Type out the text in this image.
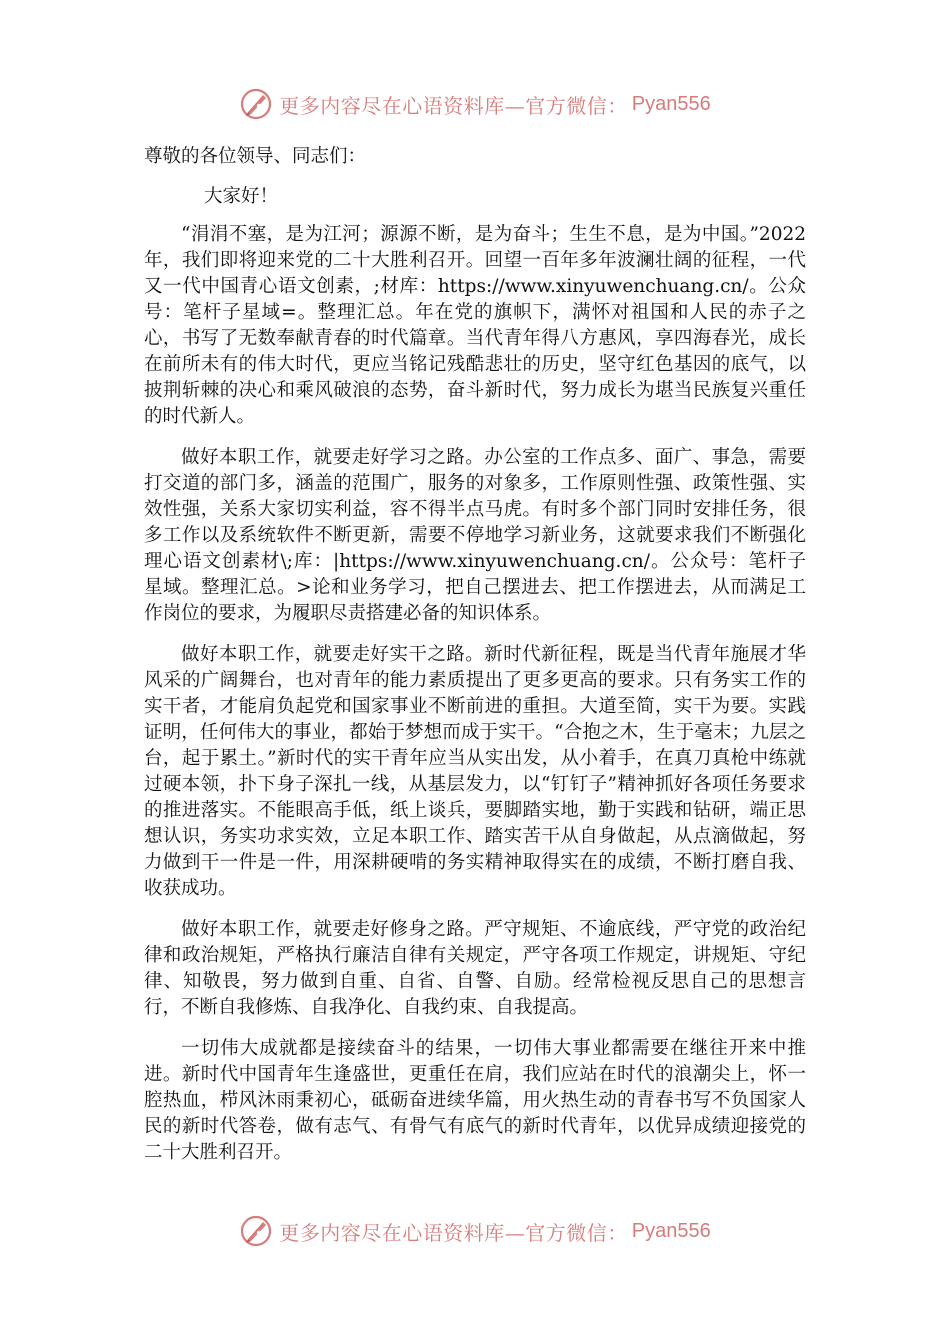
更多内容尽在心语资料库—官方微信： Pyan556

尊敬的各位领导、同志们：

大家好！

“涓涓不塞，是为江河；源源不断，是为奋斗；生生不息，是为中国。”2022年，我们即将迎来党的二十大胜利召开。回望一百年多年波澜壮阔的征程，一代又一代中国青心语文创素，;材库：https://www.xinyuwenchuang.cn/。公众号：笔杆子星域=。整理汇总。年在党的旗帜下，满怀对祖国和人民的赤子之心，书写了无数奉献青春的时代篇章。当代青年得八方惠风，享四海春光，成长在前所未有的伟大时代，更应当铭记残酷悲壮的历史，坚守红色基因的底气，以披荆斩棘的决心和乘风破浪的态势，奋斗新时代，努力成长为堪当民族复兴重任的时代新人。

做好本职工作，就要走好学习之路。办公室的工作点多、面广、事急，需要打交道的部门多，涵盖的范围广，服务的对象多，工作原则性强、政策性强、实效性强，关系大家切实利益，容不得半点马虎。有时多个部门同时安排任务，很多工作以及系统软件不断更新，需要不停地学习新业务，这就要求我们不断强化理心语文创素材\;库：|https://www.xinyuwenchuang.cn/。公众号：笔杆子星域。整理汇总。>论和业务学习，把自己摆进去、把工作摆进去，从而满足工作岗位的要求，为履职尽责搭建必备的知识体系。

做好本职工作，就要走好实干之路。新时代新征程，既是当代青年施展才华风采的广阔舞台，也对青年的能力素质提出了更多更高的要求。只有务实工作的实干者，才能肩负起党和国家事业不断前进的重担。大道至简，实干为要。实践证明，任何伟大的事业，都始于梦想而成于实干。“合抱之木，生于毫末；九层之台，起于累土。”新时代的实干青年应当从实出发，从小着手，在真刀真枪中练就过硬本领，扑下身子深扎一线，从基层发力，以“钉钉子”精神抓好各项任务要求的推进落实。不能眼高手低，纸上谈兵，要脚踏实地，勤于实践和钻研，端正思想认识，务实功求实效，立足本职工作、踏实苦干从自身做起，从点滴做起，努力做到干一件是一件，用深耕硬啃的务实精神取得实在的成绩，不断打磨自我、收获成功。

做好本职工作，就要走好修身之路。严守规矩、不逾底线，严守党的政治纪律和政治规矩，严格执行廉洁自律有关规定，严守各项工作规定，讲规矩、守纪律、知敬畏，努力做到自重、自省、自警、自励。经常检视反思自己的思想言行，不断自我修炼、自我净化、自我约束、自我提高。

一切伟大成就都是接续奋斗的结果，一切伟大事业都需要在继往开来中推进。新时代中国青年生逢盛世，更重任在肩，我们应站在时代的浪潮尖上，怀一腔热血，栉风沐雨秉初心，砥砺奋进续华篇，用火热生动的青春书写不负国家人民的新时代答卷，做有志气、有骨气有底气的新时代青年，以优异成绩迎接党的二十大胜利召开。

更多内容尽在心语资料库—官方微信： Pyan556
